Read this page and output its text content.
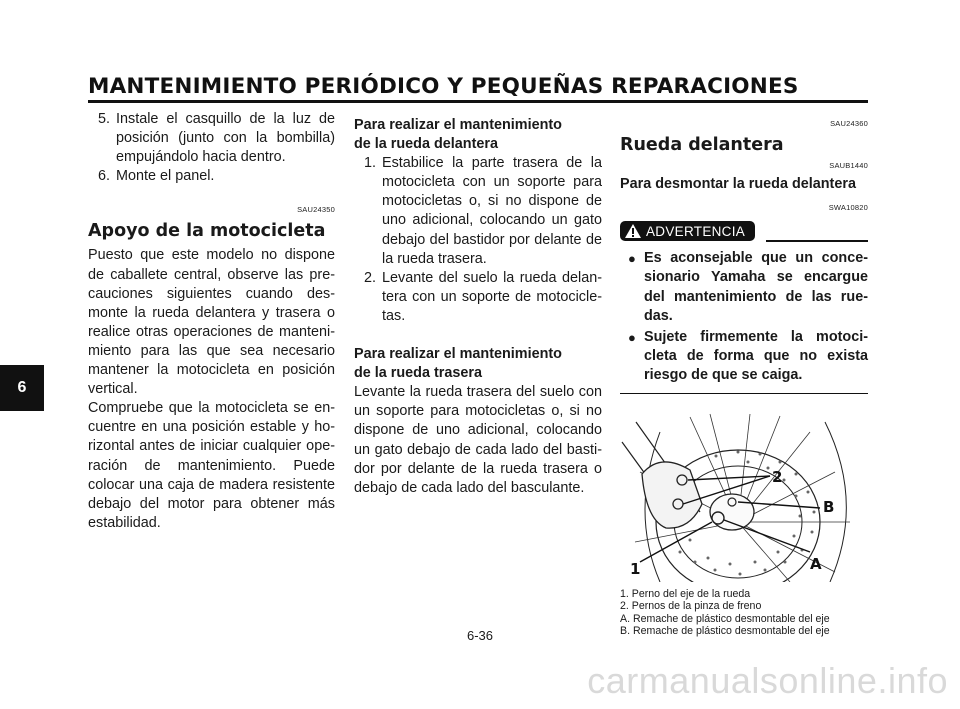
MANTENIMIENTO PERIÓDICO Y PEQUEÑAS REPARACIONES
6
5. Instale el casquillo de la luz de posición (junto con la bombilla) empujándolo hacia dentro.
6. Monte el panel.

SAU24350

Apoyo de la motocicleta

Puesto que este modelo no dispone de caballete central, observe las pre-cauciones siguientes cuando des-monte la rueda delantera y trasera o realice otras operaciones de manteni-miento para las que sea necesario mantener la motocicleta en posición vertical.

Compruebe que la motocicleta se en-cuentre en una posición estable y ho-rizontal antes de iniciar cualquier ope-ración de mantenimiento. Puede colocar una caja de madera resistente debajo del motor para obtener más estabilidad.

Para realizar el mantenimiento

de la rueda delantera

1. Estabilice la parte trasera de la motocicleta con un soporte para motocicletas o, si no dispone de uno adicional, colocando un gato debajo del bastidor por delante de la rueda trasera.
2. Levante del suelo la rueda delan-tera con un soporte de motocicle-tas.

Para realizar el mantenimiento

de la rueda trasera

Levante la rueda trasera del suelo con un soporte para motocicletas o, si no dispone de uno adicional, colocando un gato debajo de cada lado del basti-dor por delante de la rueda trasera o debajo de cada lado del basculante.

SAU24360

Rueda delantera

SAUB1440

Para desmontar la rueda delantera

SWA10820

ADVERTENCIA
● Es aconsejable que un conce-sionario Yamaha se encargue del mantenimiento de las rue-das.
● Sujete firmemente la motoci-cleta de forma que no exista riesgo de que se caiga.
2
B
A
1
1. Perno del eje de la rueda
2. Pernos de la pinza de freno
A. Remache de plástico desmontable del eje
B. Remache de plástico desmontable del eje
6-36
carmanualsonline.info
